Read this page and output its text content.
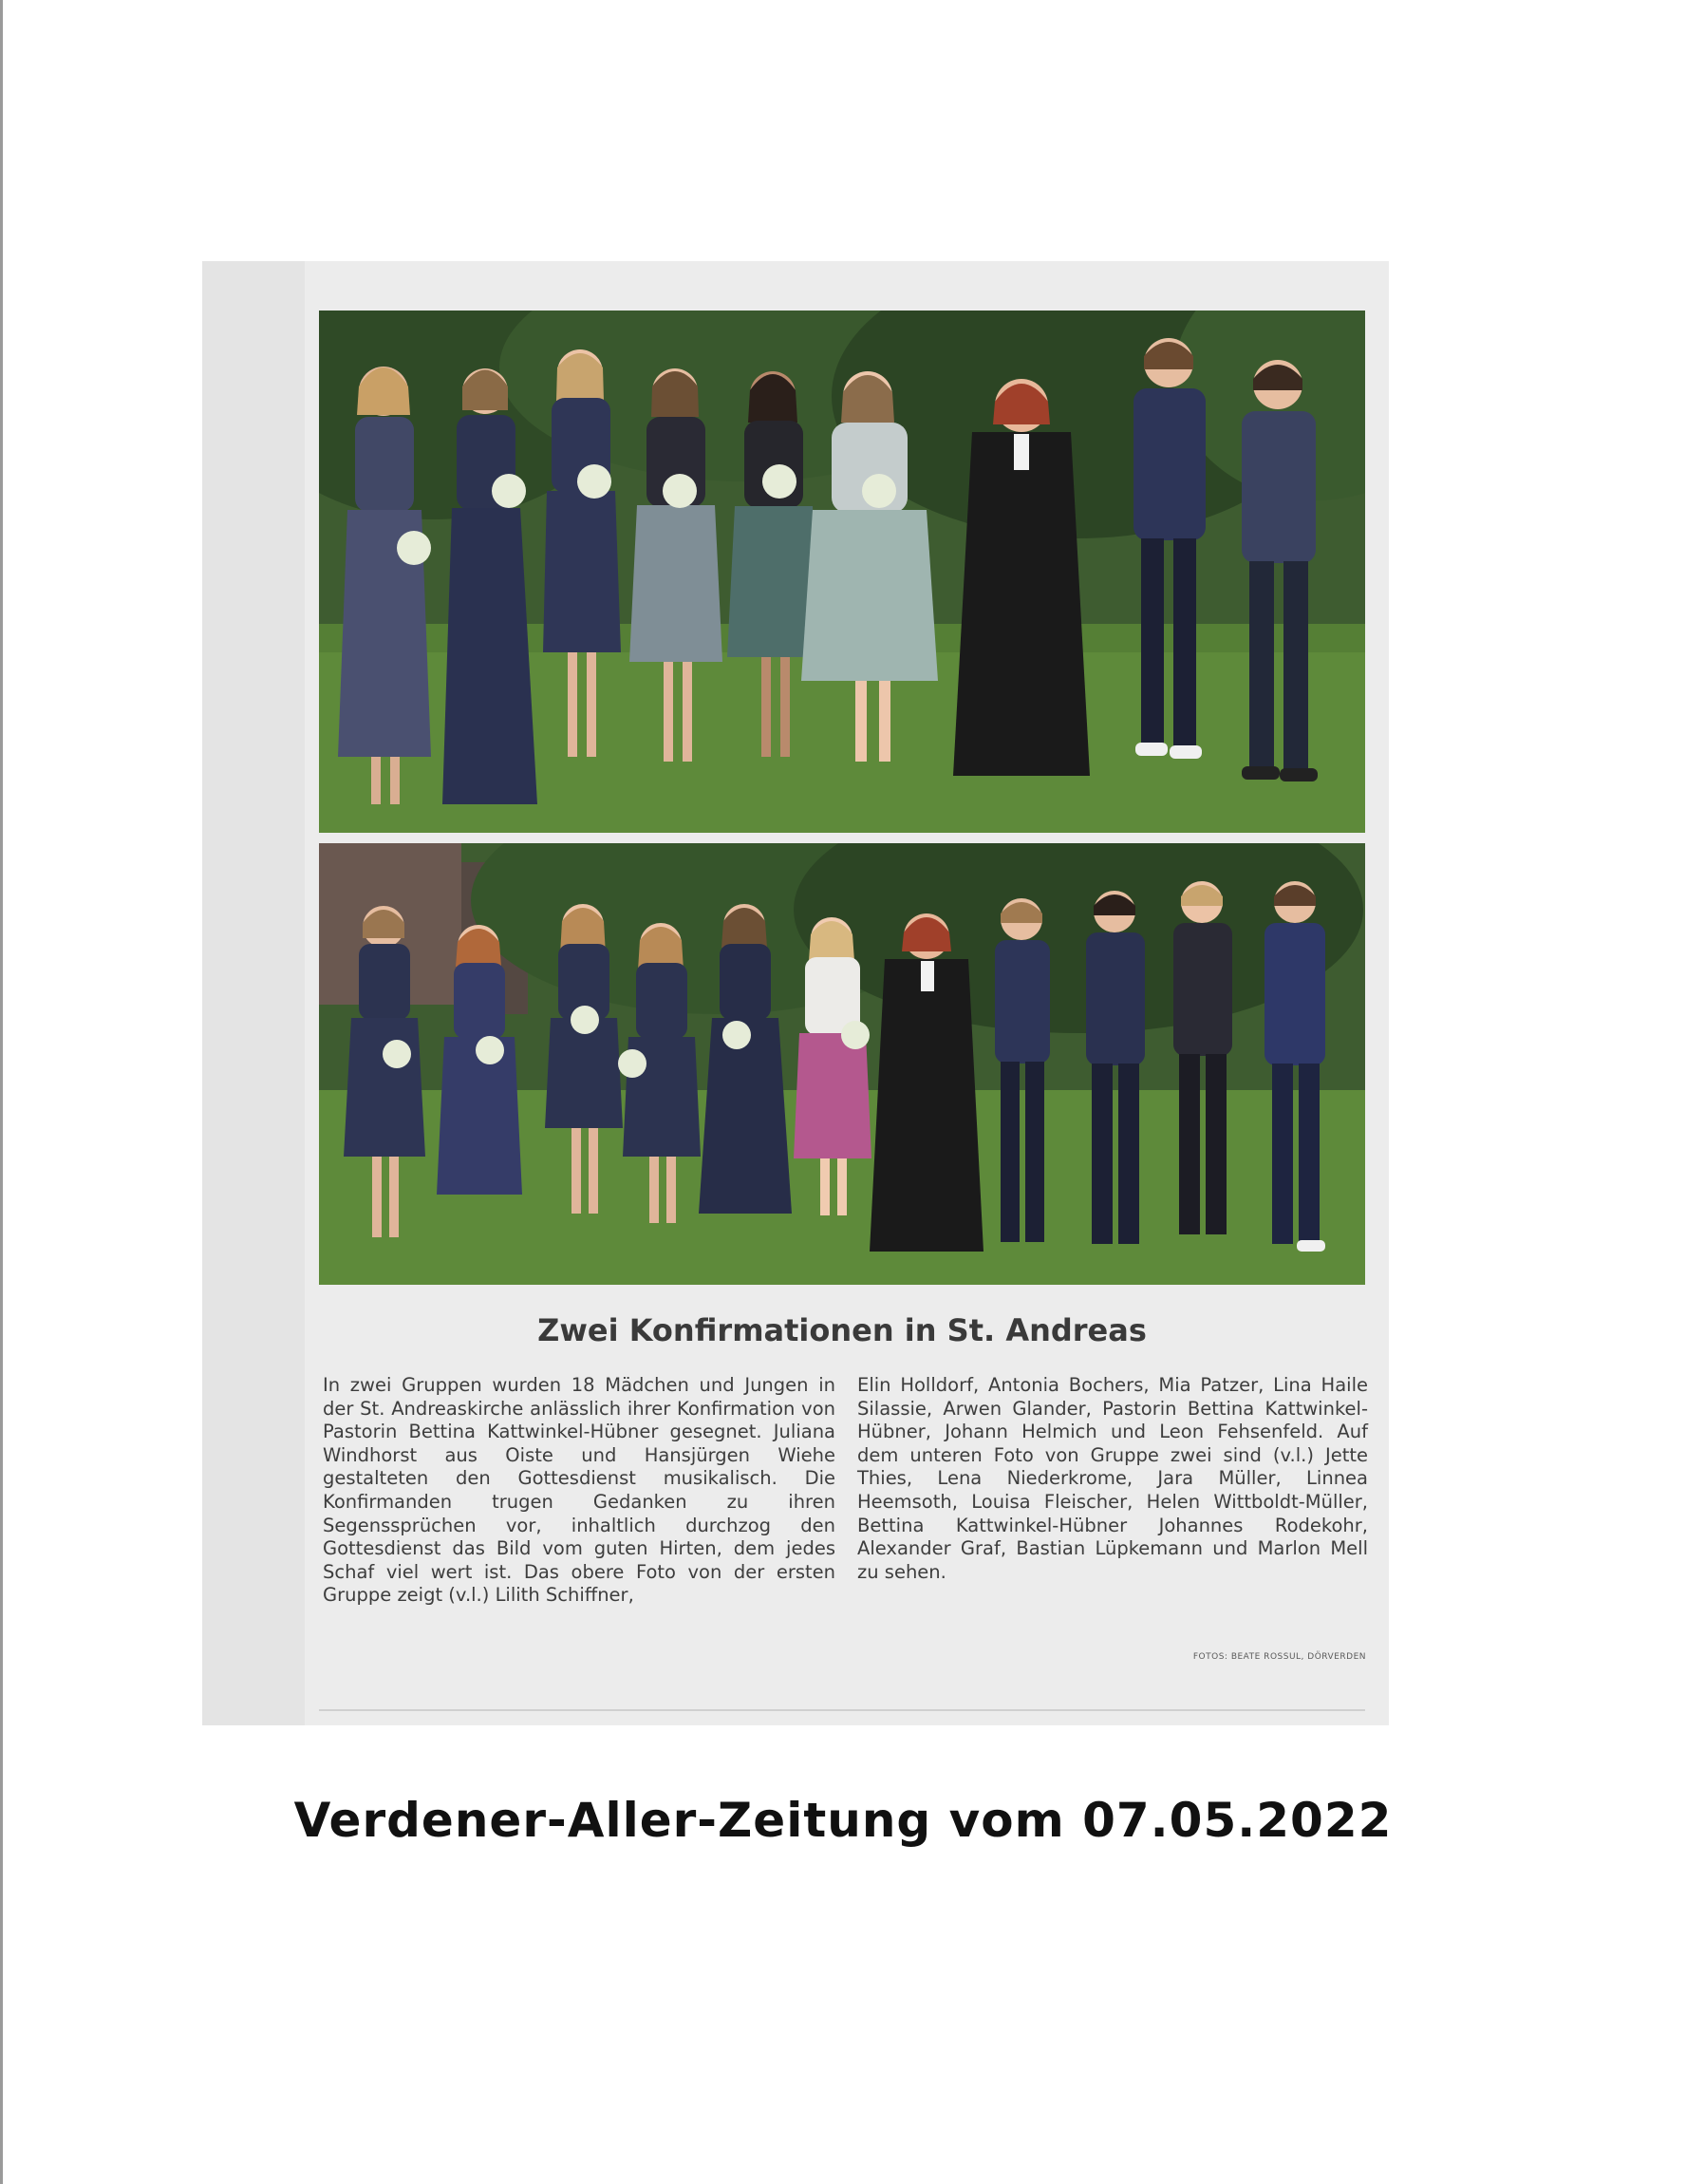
Zwei Konfirmationen in St. Andreas
In zwei Gruppen wurden 18 Mädchen und Jungen in der St. Andreaskirche anlässlich ihrer Konfirmation von Pastorin Bettina Kattwinkel-Hübner gesegnet. Juliana Windhorst aus Oiste und Hansjürgen Wiehe gestalteten den Gottesdienst musikalisch. Die Konfirmanden trugen Gedanken zu ihren Segenssprüchen vor, inhaltlich durchzog den Gottesdienst das Bild vom guten Hirten, dem jedes Schaf viel wert ist. Das obere Foto von der ersten Gruppe zeigt (v.l.) Lilith Schiffner,
Elin Holldorf, Antonia Bochers, Mia Patzer, Lina Haile Silassie, Arwen Glander, Pastorin Bettina Kattwinkel-Hübner, Johann Helmich und Leon Fehsenfeld. Auf dem unteren Foto von Gruppe zwei sind (v.l.) Jette Thies, Lena Niederkrome, Jara Müller, Linnea Heemsoth, Louisa Fleischer, Helen Wittboldt-Müller, Bettina Kattwinkel-Hübner Johannes Rodekohr, Alexander Graf, Bastian Lüpkemann und Marlon Mell zu sehen.
FOTOS: BEATE ROSSUL, DÖRVERDEN
Verdener-Aller-Zeitung vom 07.05.2022
